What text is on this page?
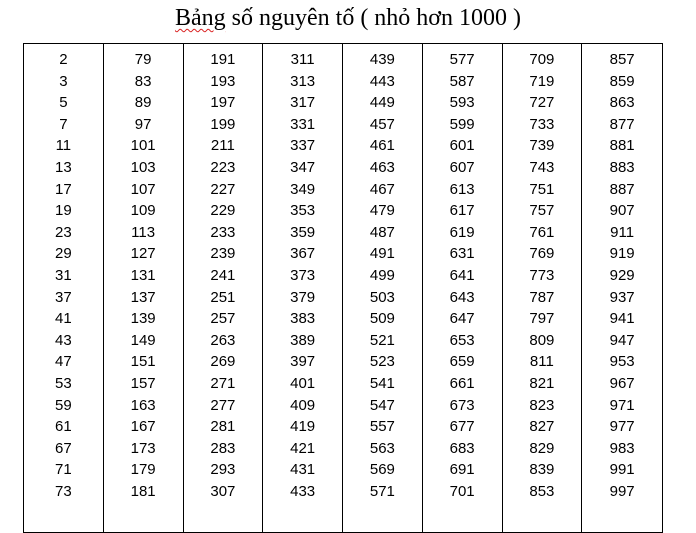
Bảng số nguyên tố ( nhỏ hơn 1000 )
2
3
5
7
11
13
17
19
23
29
31
37
41
43
47
53
59
61
67
71
73
79
83
89
97
101
103
107
109
113
127
131
137
139
149
151
157
163
167
173
179
181
191
193
197
199
211
223
227
229
233
239
241
251
257
263
269
271
277
281
283
293
307
311
313
317
331
337
347
349
353
359
367
373
379
383
389
397
401
409
419
421
431
433
439
443
449
457
461
463
467
479
487
491
499
503
509
521
523
541
547
557
563
569
571
577
587
593
599
601
607
613
617
619
631
641
643
647
653
659
661
673
677
683
691
701
709
719
727
733
739
743
751
757
761
769
773
787
797
809
811
821
823
827
829
839
853
857
859
863
877
881
883
887
907
911
919
929
937
941
947
953
967
971
977
983
991
997
